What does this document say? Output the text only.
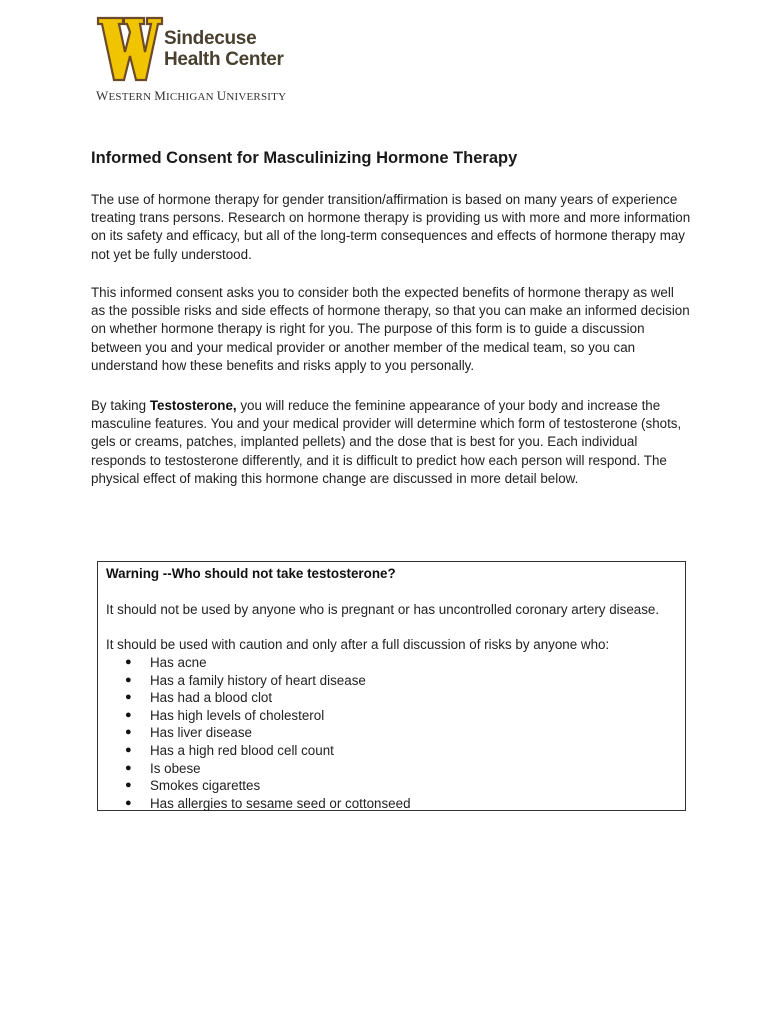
Sindecuse
Health Center
WESTERN MICHIGAN UNIVERSITY
Informed Consent for Masculinizing Hormone Therapy

The use of hormone therapy for gender transition/affirmation is based on many years of experience treating trans persons. Research on hormone therapy is providing us with more and more information on its safety and efficacy, but all of the long-term consequences and effects of hormone therapy may not yet be fully understood.

This informed consent asks you to consider both the expected benefits of hormone therapy as well as the possible risks and side effects of hormone therapy, so that you can make an informed decision on whether hormone therapy is right for you. The purpose of this form is to guide a discussion between you and your medical provider or another member of the medical team, so you can understand how these benefits and risks apply to you personally.

By taking Testosterone, you will reduce the feminine appearance of your body and increase the masculine features. You and your medical provider will determine which form of testosterone (shots, gels or creams, patches, implanted pellets) and the dose that is best for you. Each individual responds to testosterone differently, and it is difficult to predict how each person will respond. The physical effect of making this hormone change are discussed in more detail below.

Warning --Who should not take testosterone?

It should not be used by anyone who is pregnant or has uncontrolled coronary artery disease.

It should be used with caution and only after a full discussion of risks by anyone who:

● Has acne
● Has a family history of heart disease
● Has had a blood clot
● Has high levels of cholesterol
● Has liver disease
● Has a high red blood cell count
● Is obese
● Smokes cigarettes
● Has allergies to sesame seed or cottonseed
